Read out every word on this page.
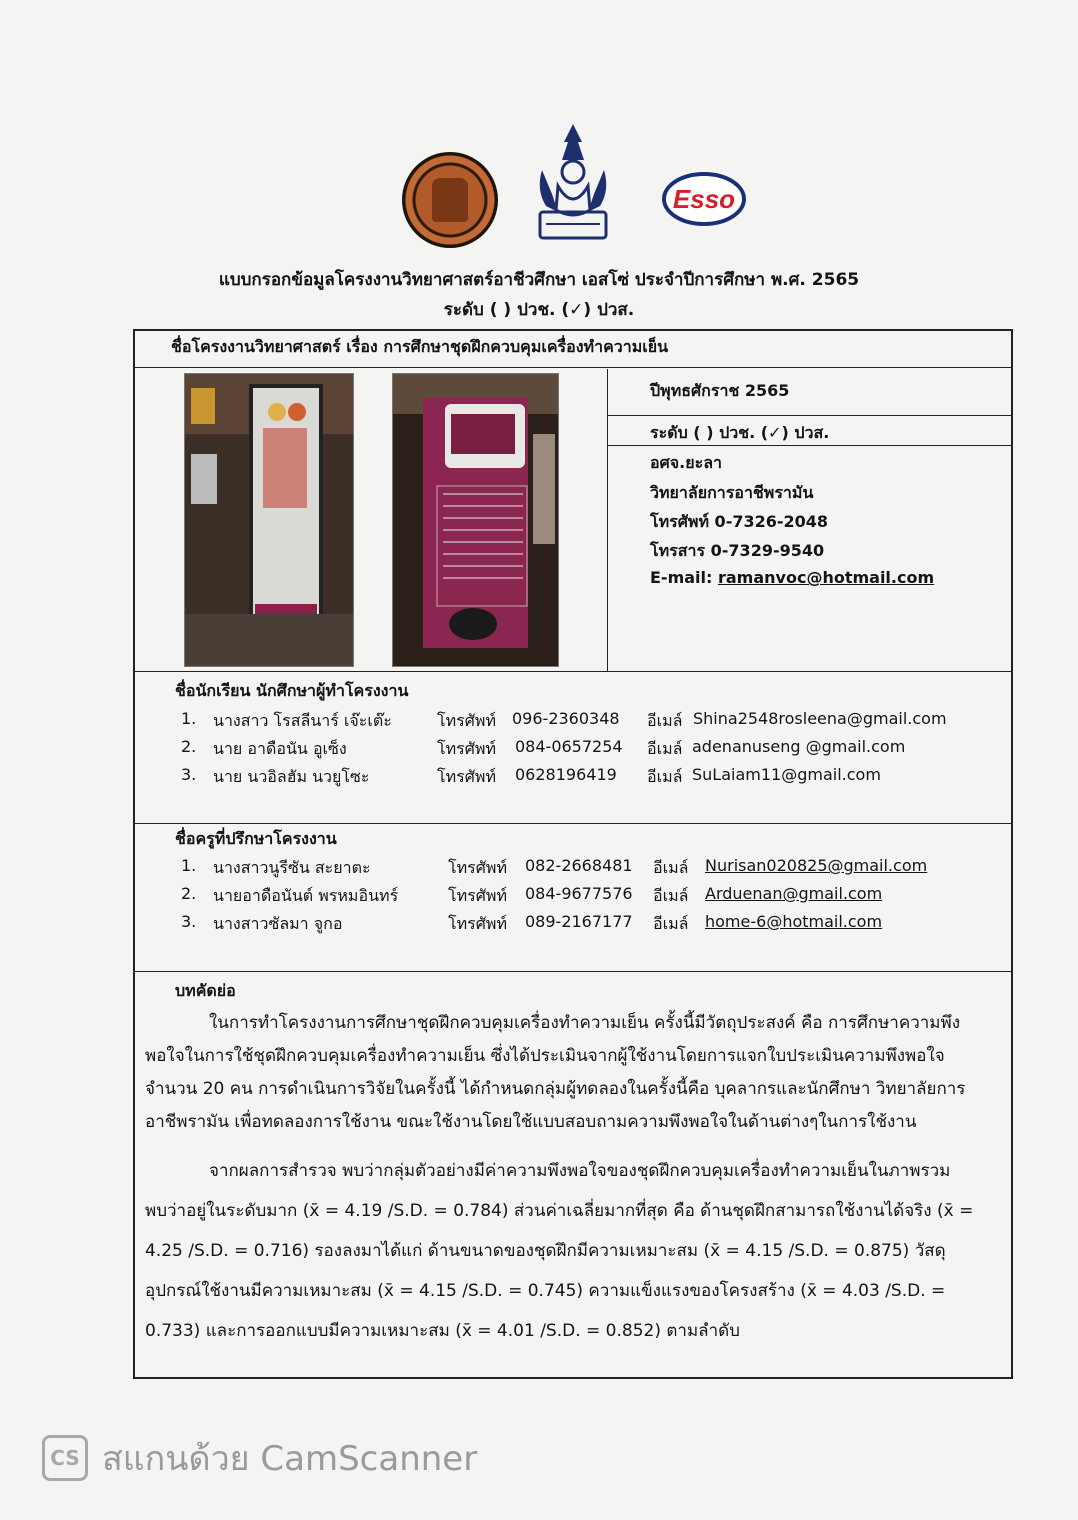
Esso
แบบกรอกข้อมูลโครงงานวิทยาศาสตร์อาชีวศึกษา เอสโซ่ ประจำปีการศึกษา พ.ศ. 2565
ระดับ ( ) ปวช. (✓) ปวส.
ชื่อโครงงานวิทยาศาสตร์ เรื่อง การศึกษาชุดฝึกควบคุมเครื่องทำความเย็น
ปีพุทธศักราช 2565
ระดับ ( ) ปวช. (✓) ปวส.
อศจ.ยะลา
วิทยาลัยการอาชีพรามัน
โทรศัพท์ 0-7326-2048
โทรสาร 0-7329-9540
E-mail: ramanvoc@hotmail.com
ชื่อนักเรียน นักศึกษาผู้ทำโครงงาน
1. นางสาว โรสลีนาร์ เจ๊ะเต๊ะ	โทรศัพท์ 096-2360348 อีเมล์ Shina2548rosleena@gmail.com
2. นาย อาดือนัน อูเซ็ง	โทรศัพท์ 084-0657254 อีเมล์ adenanuseng @gmail.com
3. นาย นวอิลฮัม นวยูโซะ	โทรศัพท์ 0628196419 อีเมล์ SuLaiam11@gmail.com
ชื่อครูที่ปรึกษาโครงงาน
1. นางสาวนูรีซัน สะยาตะ	โทรศัพท์ 082-2668481 อีเมล์ Nurisan020825@gmail.com
2. นายอาดือนันต์ พรหมอินทร์	โทรศัพท์ 084-9677576 อีเมล์ Arduenan@gmail.com
3. นางสาวซัลมา จูกอ	โทรศัพท์ 089-2167177 อีเมล์ home-6@hotmail.com
บทคัดย่อ
ในการทำโครงงานการศึกษาชุดฝึกควบคุมเครื่องทำความเย็น ครั้งนี้มีวัตถุประสงค์ คือ การศึกษาความพึง
พอใจในการใช้ชุดฝึกควบคุมเครื่องทำความเย็น ซึ่งได้ประเมินจากผู้ใช้งานโดยการแจกใบประเมินความพึงพอใจ
จำนวน 20 คน การดำเนินการวิจัยในครั้งนี้ ได้กำหนดกลุ่มผู้ทดลองในครั้งนี้คือ บุคลากรและนักศึกษา วิทยาลัยการ
อาชีพรามัน เพื่อทดลองการใช้งาน ขณะใช้งานโดยใช้แบบสอบถามความพึงพอใจในด้านต่างๆในการใช้งาน
จากผลการสำรวจ พบว่ากลุ่มตัวอย่างมีค่าความพึงพอใจของชุดฝึกควบคุมเครื่องทำความเย็นในภาพรวม
พบว่าอยู่ในระดับมาก (x̄ = 4.19 /S.D. = 0.784) ส่วนค่าเฉลี่ยมากที่สุด คือ ด้านชุดฝึกสามารถใช้งานได้จริง (x̄ =
4.25 /S.D. = 0.716) รองลงมาได้แก่ ด้านขนาดของชุดฝึกมีความเหมาะสม (x̄ = 4.15 /S.D. = 0.875) วัสดุ
อุปกรณ์ใช้งานมีความเหมาะสม (x̄ = 4.15 /S.D. = 0.745) ความแข็งแรงของโครงสร้าง (x̄ = 4.03 /S.D. =
0.733) และการออกแบบมีความเหมาะสม (x̄ = 4.01 /S.D. = 0.852) ตามลำดับ
CS สแกนด้วย CamScanner
